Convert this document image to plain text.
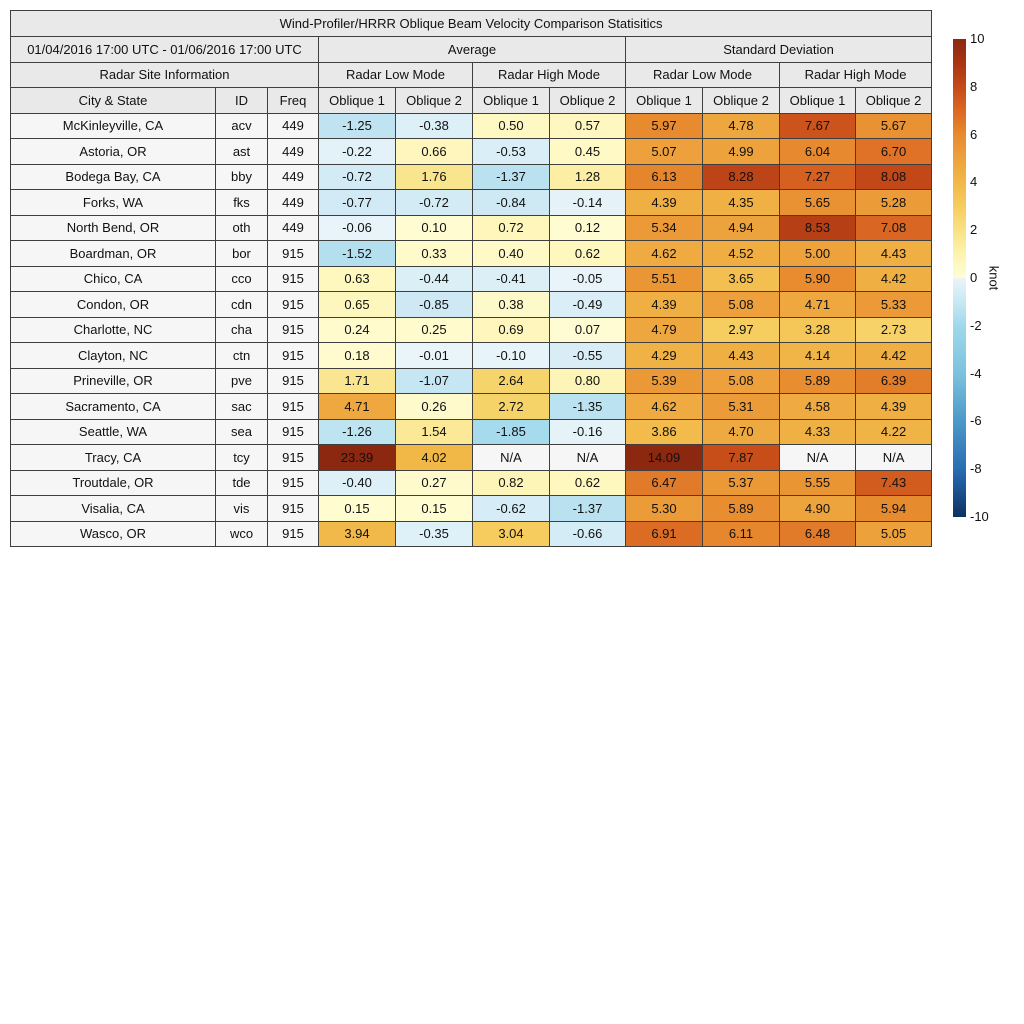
Wind-Profiler/HRRR Oblique Beam Velocity Comparison Statisitics										
01/04/2016 17:00 UTC - 01/06/2016 17:00 UTC			Average				Standard Deviation			
Radar Site Information			Radar Low Mode		Radar High Mode		Radar Low Mode		Radar High Mode	
City & State	ID	Freq	Oblique 1	Oblique 2	Oblique 1	Oblique 2	Oblique 1	Oblique 2	Oblique 1	Oblique 2
McKinleyville, CA	acv	449	-1.25	-0.38	0.50	0.57	5.97	4.78	7.67	5.67
Astoria, OR	ast	449	-0.22	0.66	-0.53	0.45	5.07	4.99	6.04	6.70
Bodega Bay, CA	bby	449	-0.72	1.76	-1.37	1.28	6.13	8.28	7.27	8.08
Forks, WA	fks	449	-0.77	-0.72	-0.84	-0.14	4.39	4.35	5.65	5.28
North Bend, OR	oth	449	-0.06	0.10	0.72	0.12	5.34	4.94	8.53	7.08
Boardman, OR	bor	915	-1.52	0.33	0.40	0.62	4.62	4.52	5.00	4.43
Chico, CA	cco	915	0.63	-0.44	-0.41	-0.05	5.51	3.65	5.90	4.42
Condon, OR	cdn	915	0.65	-0.85	0.38	-0.49	4.39	5.08	4.71	5.33
Charlotte, NC	cha	915	0.24	0.25	0.69	0.07	4.79	2.97	3.28	2.73
Clayton, NC	ctn	915	0.18	-0.01	-0.10	-0.55	4.29	4.43	4.14	4.42
Prineville, OR	pve	915	1.71	-1.07	2.64	0.80	5.39	5.08	5.89	6.39
Sacramento, CA	sac	915	4.71	0.26	2.72	-1.35	4.62	5.31	4.58	4.39
Seattle, WA	sea	915	-1.26	1.54	-1.85	-0.16	3.86	4.70	4.33	4.22
Tracy, CA	tcy	915	23.39	4.02	N/A	N/A	14.09	7.87	N/A	N/A
Troutdale, OR	tde	915	-0.40	0.27	0.82	0.62	6.47	5.37	5.55	7.43
Visalia, CA	vis	915	0.15	0.15	-0.62	-1.37	5.30	5.89	4.90	5.94
Wasco, OR	wco	915	3.94	-0.35	3.04	-0.66	6.91	6.11	6.48	5.05
10
8
6
4
2
0
-2
-4
-6
-8
-10
knot
